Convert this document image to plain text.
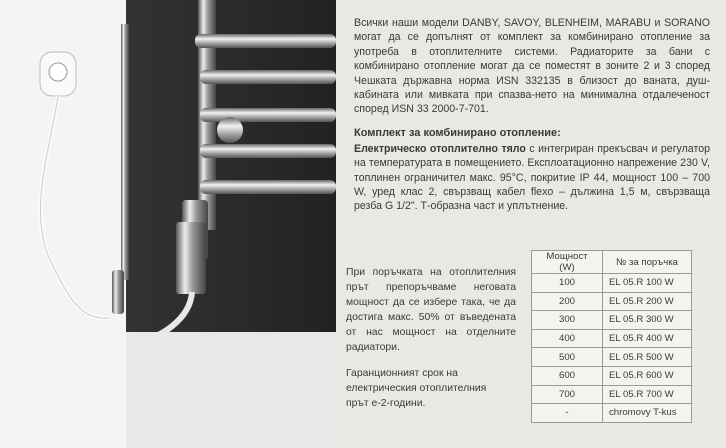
Всички наши модели DANBY, SAVOY, BLENHEIM, MARABU и SORANO могат да се допълнят от комплект за комбинирано отопление за употреба в отоплителните системи. Радиаторите за бани с комбинирано отопление могат да се поместят в зоните 2 и 3 според Чешката държавна норма ИSN 332135 в близост до ваната, душ-кабината или мивката при спазва-нето на минимална отдалеченост според ИSN 33 2000-7-701.

Комплект за комбинирано отопление:

Електрическо отоплително тяло с интегриран прекъсвач и регулатор на температурата в помещението. Експлоатационно напрежение 230 V, топлинен ограничител макс. 95°С, покритие IP 44, мощност 100 – 700 W, уред клас 2, свързващ кабел flexo – дължина 1,5 м, свързваща резба G 1/2". Т-образна част и уплътнение.

При поръчката на отоплителния прът препоръчваме неговата мощност да се избере така, че да достига макс. 50% от въведената от нас мощност на отделните радиатори.

Гаранционният срок на електрическия отоплителния прът е-2-години.

Мощност (W)	№ за поръчка
100	EL 05.R 100 W
200	EL 05.R 200 W
300	EL 05.R 300 W
400	EL 05.R 400 W
500	EL 05.R 500 W
600	EL 05.R 600 W
700	EL 05.R 700 W
-	chromovy T-kus
